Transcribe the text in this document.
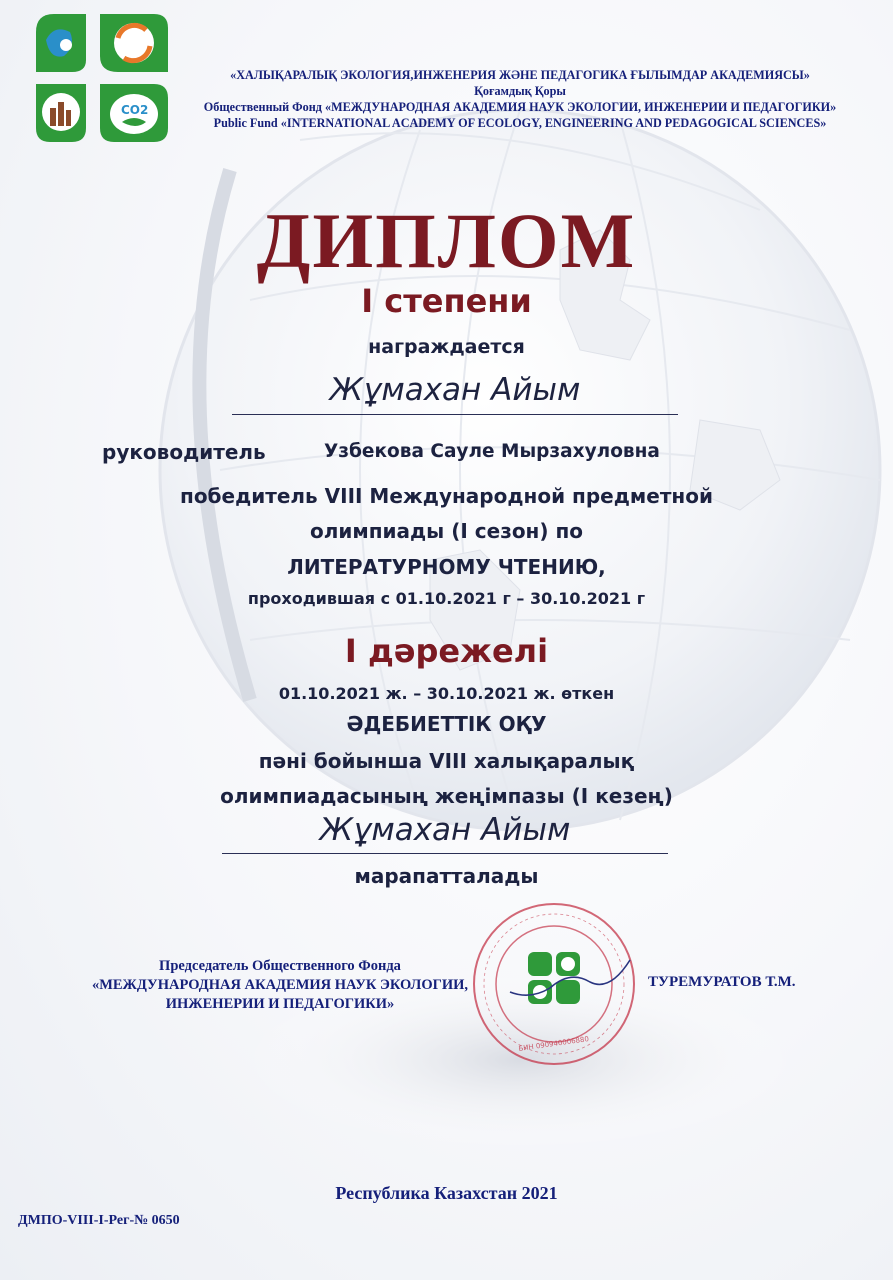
CO2

«ХАЛЫҚАРАЛЫҚ ЭКОЛОГИЯ,ИНЖЕНЕРИЯ ЖӘНЕ ПЕДАГОГИКА ҒЫЛЫМДАР АКАДЕМИЯСЫ»

Қоғамдық Қоры

Общественный Фонд «МЕЖДУНАРОДНАЯ АКАДЕМИЯ НАУК ЭКОЛОГИИ, ИНЖЕНЕРИИ И ПЕДАГОГИКИ»

Public Fund «INTERNATIONAL ACADEMY OF ECOLOGY, ENGINEERING AND PEDAGOGICAL SCIENCES»

ДИПЛОМ

I степени

награждается

Жұмахан Айым

руководитель	Узбекова Сауле Мырзахуловна

победитель VIII Международной предметной

олимпиады (I сезон) по

ЛИТЕРАТУРНОМУ ЧТЕНИЮ,

проходившая с 01.10.2021 г – 30.10.2021 г

I дәрежелі

01.10.2021 ж. – 30.10.2021 ж. өткен

ӘДЕБИЕТТІК ОҚУ

пәні бойынша VIII халықаралық

олимпиадасының жеңімпазы (I кезең)

Жұмахан Айым

марапатталады

Председатель Общественного Фонда
«МЕЖДУНАРОДНАЯ АКАДЕМИЯ НАУК ЭКОЛОГИИ,
ИНЖЕНЕРИИ И ПЕДАГОГИКИ»

ТУРЕМУРАТОВ Т.М.

БИН 090940006880

Республика Казахстан 2021

ДМПО-VIII-I-Рег-№ 0650
